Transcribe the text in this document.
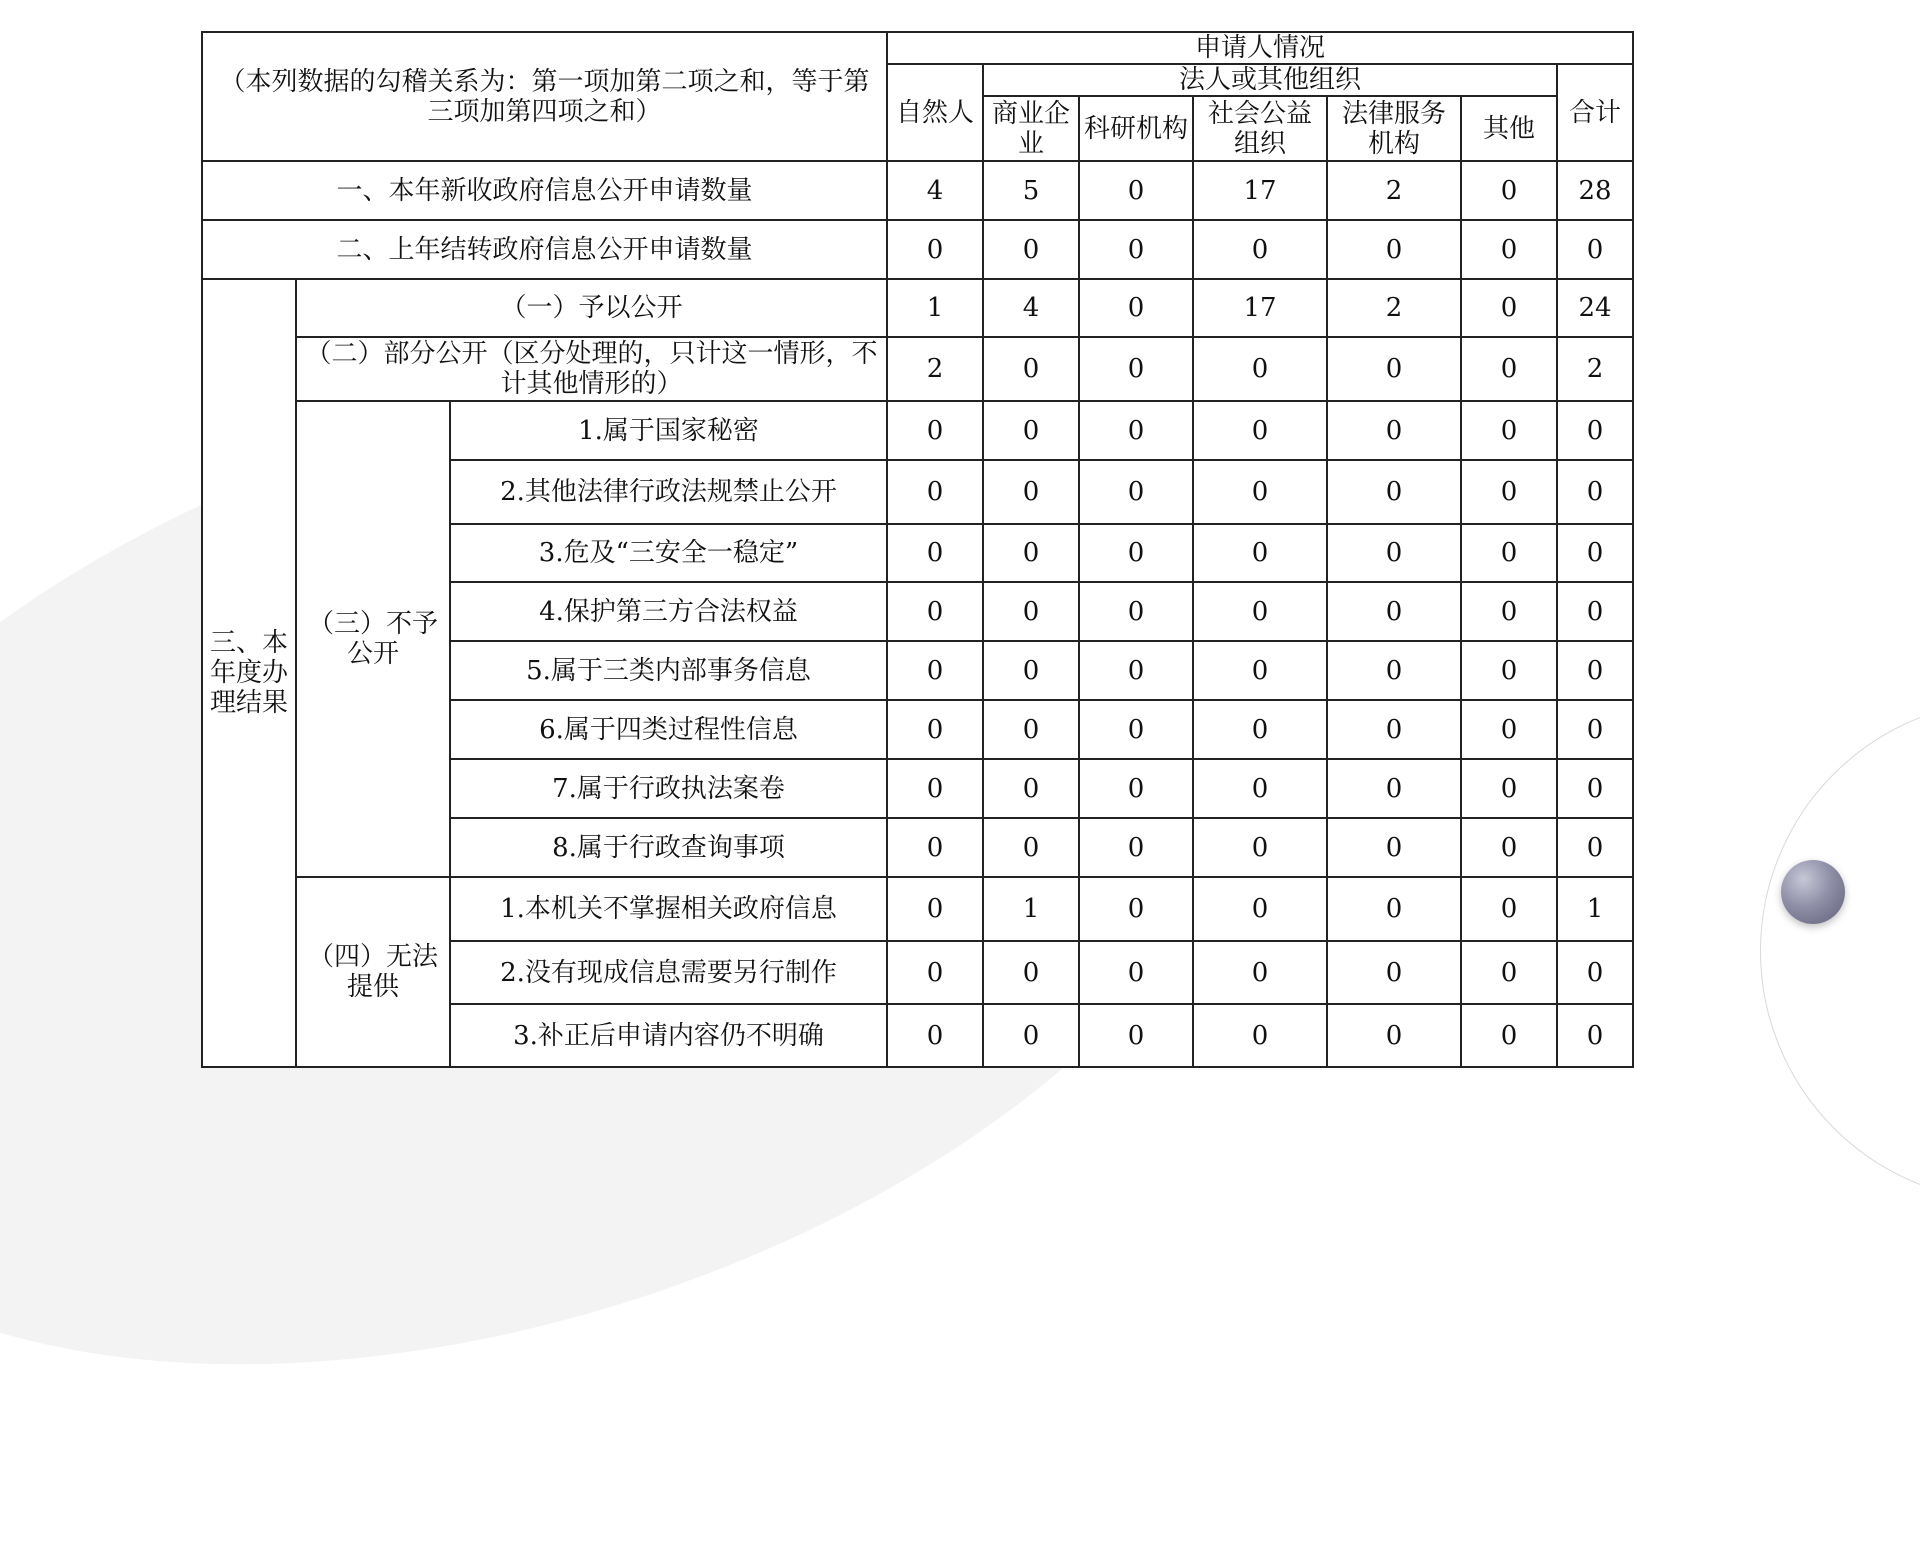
（本列数据的勾稽关系为：第一项加第二项之和，等于第三项加第四项之和）			申请人情况						
			自然人	法人或其他组织					合计
				商业企业	科研机构	社会公益组织	法律服务机构	其他	
一、本年新收政府信息公开申请数量			4	5	0	17	2	0	28
二、上年结转政府信息公开申请数量			0	0	0	0	0	0	0
三、本年度办理结果	（一）予以公开		1	4	0	17	2	0	24
	（二）部分公开（区分处理的，只计这一情形，不计其他情形的）		2	0	0	0	0	0	2
	（三）不予公开	1.属于国家秘密	0	0	0	0	0	0	0
		2.其他法律行政法规禁止公开	0	0	0	0	0	0	0
		3.危及“三安全一稳定”	0	0	0	0	0	0	0
		4.保护第三方合法权益	0	0	0	0	0	0	0
		5.属于三类内部事务信息	0	0	0	0	0	0	0
		6.属于四类过程性信息	0	0	0	0	0	0	0
		7.属于行政执法案卷	0	0	0	0	0	0	0
		8.属于行政查询事项	0	0	0	0	0	0	0
	（四）无法提供	1.本机关不掌握相关政府信息	0	1	0	0	0	0	1
		2.没有现成信息需要另行制作	0	0	0	0	0	0	0
		3.补正后申请内容仍不明确	0	0	0	0	0	0	0
